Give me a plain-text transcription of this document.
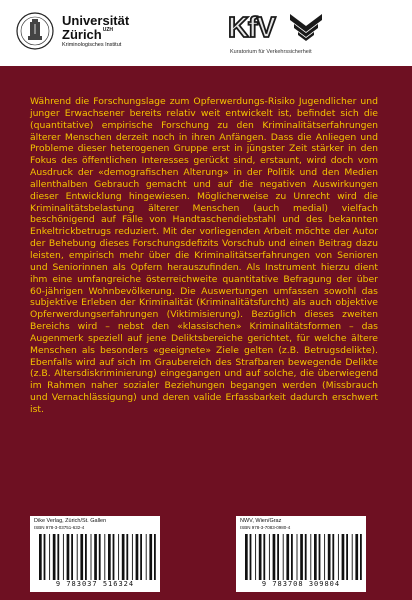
Universität
Zürich$^{UZH}$
Kriminologisches Institut
KfV
Kuratorium für Verkehrssicherheit

Während die Forschungslage zum Opferwerdungs-Risiko Jugendlicher und junger Erwachsener bereits relativ weit entwickelt ist, befindet sich die (quantitative) empirische Forschung zu den Kriminalitätserfahrungen älterer Menschen derzeit noch in ihren Anfängen. Dass die Anliegen und Probleme dieser heterogenen Gruppe erst in jüngster Zeit stärker in den Fokus des öffentlichen Interesses gerückt sind, erstaunt, wird doch vom Ausdruck der «demografischen Alterung» in der Politik und den Medien allenthalben Gebrauch gemacht und auf die negativen Auswirkungen dieser Entwicklung hingewiesen. Möglicherweise zu Unrecht wird die Kriminalitätsbelastung älterer Menschen (auch medial) vielfach beschönigend auf Fälle von Handtaschendiebstahl und des bekannten Enkeltrickbetrugs reduziert. Mit der vorliegenden Arbeit möchte der Autor der Behebung dieses Forschungsdefizits Vorschub und einen Beitrag dazu leisten, empirisch mehr über die Kriminalitätserfahrungen von Senioren und Seniorinnen als Opfern herauszufinden. Als Instrument hierzu dient ihm eine umfangreiche österreichweite quantitative Befragung der über 60-jährigen Wohnbevölkerung. Die Auswertungen umfassen sowohl das subjektive Erleben der Kriminalität (Kriminalitätsfurcht) als auch objektive Opferwerdungserfahrungen (Viktimisierung). Bezüglich dieses zweiten Bereichs wird – nebst den «klassischen» Kriminalitätsformen – das Augenmerk speziell auf jene Deliktsbereiche gerichtet, für welche ältere Menschen als besonders «geeignete» Ziele gelten (z.B. Betrugsdelikte). Ebenfalls wird auf sich im Graubereich des Strafbaren bewegende Delikte (z.B. Altersdiskriminierung) eingegangen und auf solche, die überwiegend im Rahmen naher sozialer Beziehungen begangen werden (Missbrauch und Vernachlässigung) und deren valide Erfassbarkeit dadurch erschwert ist.

Dike Verlag, Zürich/St. Gallen
ISBN 978-3-03751-632-4
9 783037 516324
NWV, Wien/Graz
ISBN 978-3-7083-0980-4
9 783708 309804
